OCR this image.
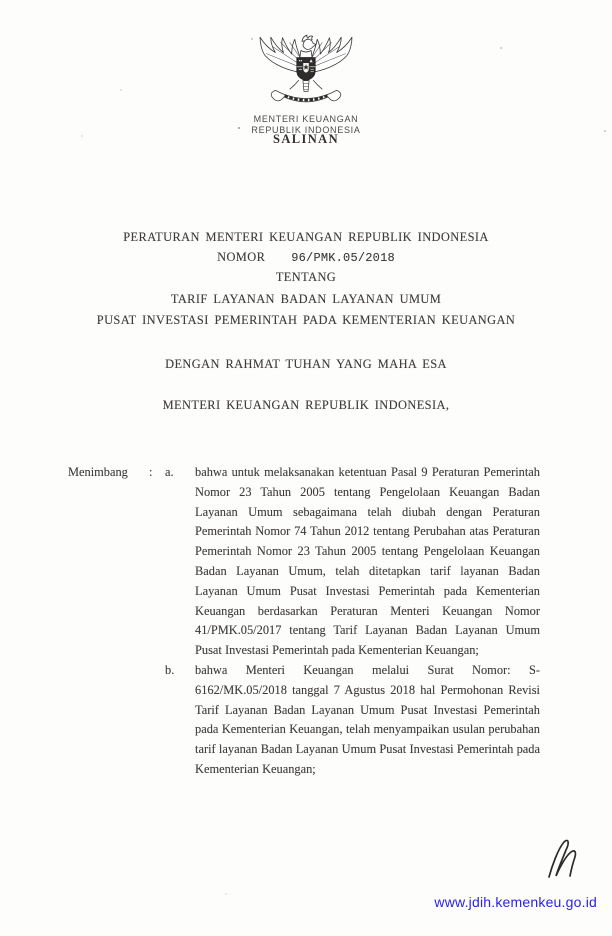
MENTERI KEUANGAN
REPUBLIK INDONESIA
SALINAN
PERATURAN MENTERI KEUANGAN REPUBLIK INDONESIA
NOMOR 96/PMK.05/2018
TENTANG
TARIF LAYANAN BADAN LAYANAN UMUM
PUSAT INVESTASI PEMERINTAH PADA KEMENTERIAN KEUANGAN
DENGAN RAHMAT TUHAN YANG MAHA ESA
MENTERI KEUANGAN REPUBLIK INDONESIA,
Menimbang	:	a.	bahwa untuk melaksanakan ketentuan Pasal 9 Peraturan Pemerintah Nomor 23 Tahun 2005 tentang Pengelolaan Keuangan Badan Layanan Umum sebagaimana telah diubah dengan Peraturan Pemerintah Nomor 74 Tahun 2012 tentang Perubahan atas Peraturan Pemerintah Nomor 23 Tahun 2005 tentang Pengelolaan Keuangan Badan Layanan Umum, telah ditetapkan tarif layanan Badan Layanan Umum Pusat Investasi Pemerintah pada Kementerian Keuangan berdasarkan Peraturan Menteri Keuangan Nomor 41/PMK.05/2017 tentang Tarif Layanan Badan Layanan Umum Pusat Investasi Pemerintah pada Kementerian Keuangan;
b.	bahwa Menteri Keuangan melalui Surat Nomor: S-6162/MK.05/2018 tanggal 7 Agustus 2018 hal Permohonan Revisi Tarif Layanan Badan Layanan Umum Pusat Investasi Pemerintah pada Kementerian Keuangan, telah menyampaikan usulan perubahan tarif layanan Badan Layanan Umum Pusat Investasi Pemerintah pada Kementerian Keuangan;
www.jdih.kemenkeu.go.id
